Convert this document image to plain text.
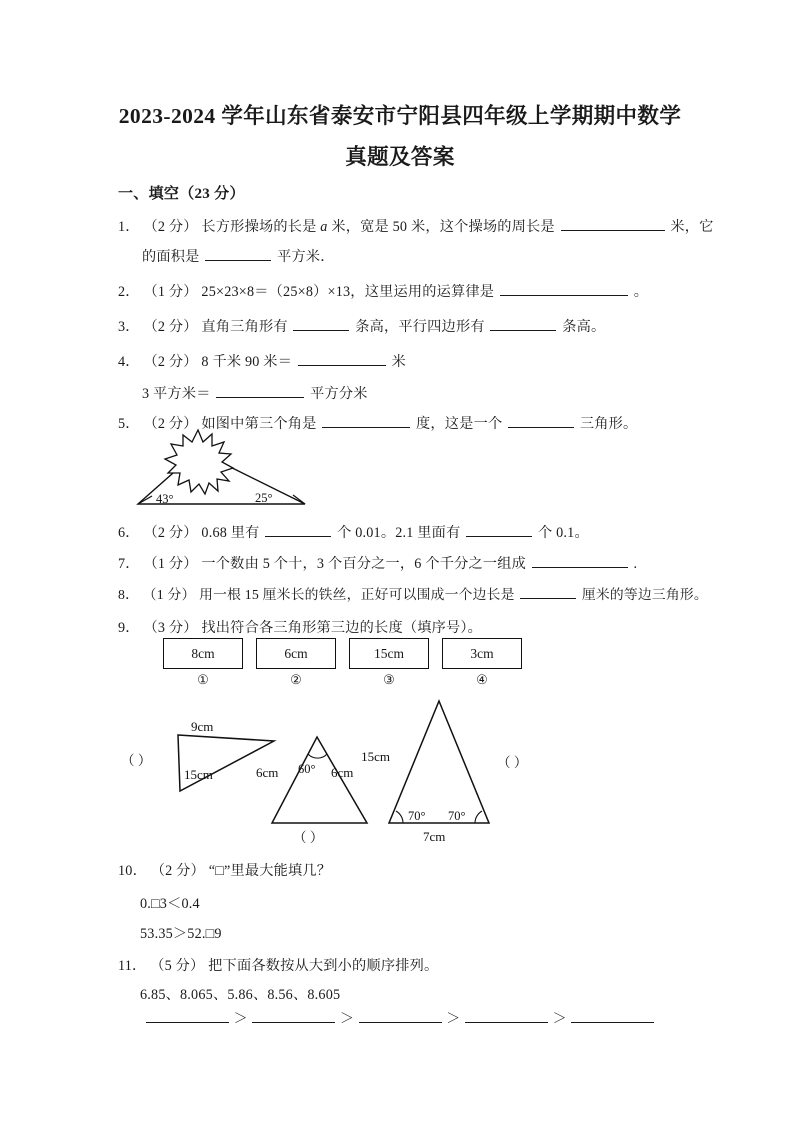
2023-2024 学年山东省泰安市宁阳县四年级上学期期中数学
真题及答案
一、填空（23 分）
1． （2 分） 长方形操场的长是 a 米，宽是 50 米，这个操场的周长是	米，它
的面积是	平方米．
2． （1 分） 25×23×8＝（25×8）×13，这里运用的运算律是	。
3． （2 分） 直角三角形有	条高，平行四边形有	条高。
4． （2 分） 8 千米 90 米＝	米
3 平方米＝	平方分米
5． （2 分） 如图中第三个角是	度，这是一个	三角形。
43°	25°
6． （2 分） 0.68 里有	个 0.01。2.1 里面有	个 0.1。
7． （1 分） 一个数由 5 个十，3 个百分之一，6 个千分之一组成	.
8． （1 分） 用一根 15 厘米长的铁丝，正好可以围成一个边长是	厘米的等边三角形。
9． （3 分） 找出符合各三角形第三边的长度（填序号）。
8cm
①
6cm
②
15cm
③
3cm
④
9cm
15cm
（ ）
6cm	6cm
60°
（ ）
15cm
70° 70°
7cm
（ ）
10． （2 分） “□”里最大能填几？
0.□3＜0.4
53.35＞52.□9
11． （5 分） 把下面各数按从大到小的顺序排列。
6.85、8.065、5.86、8.56、8.605
＞	＞	＞	＞
